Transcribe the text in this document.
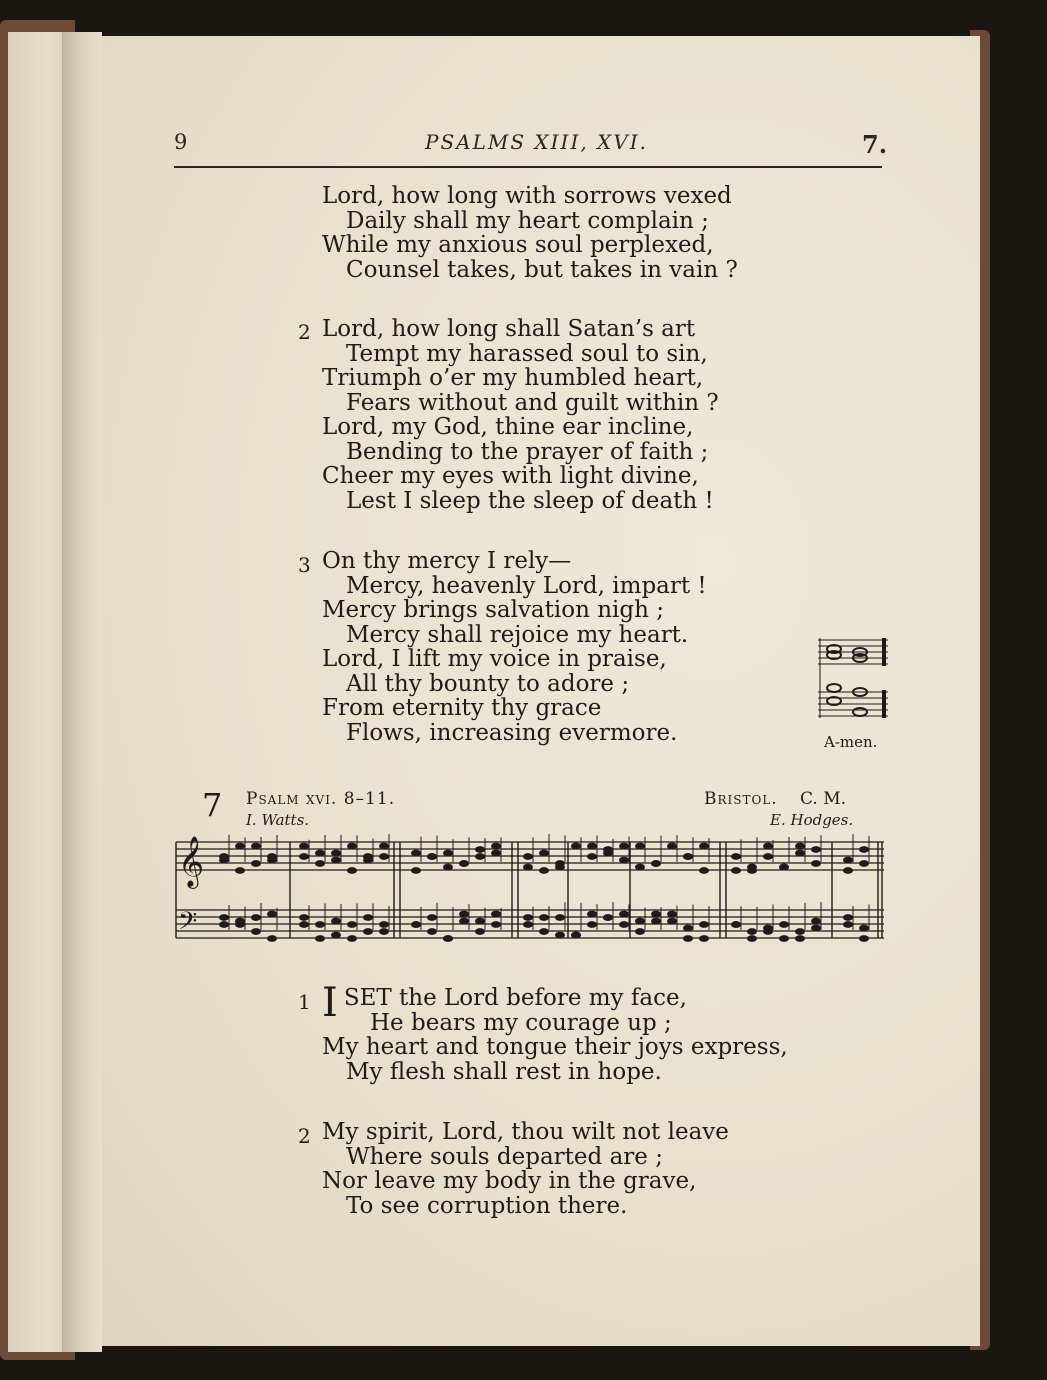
9	PSALMS XIII, XVI.	7.
Lord, how long with sorrows vexed
Daily shall my heart complain ;
While my anxious soul perplexed,
Counsel takes, but takes in vain ?
2 Lord, how long shall Satan’s art
Tempt my harassed soul to sin,
Triumph o’er my humbled heart,
Fears without and guilt within ?
Lord, my God, thine ear incline,
Bending to the prayer of faith ;
Cheer my eyes with light divine,
Lest I sleep the sleep of death !
3 On thy mercy I rely—
Mercy, heavenly Lord, impart !
Mercy brings salvation nigh ;
Mercy shall rejoice my heart.
Lord, I lift my voice in praise,
All thy bounty to adore ;
From eternity thy grace
Flows, increasing evermore.	A-men.
7 Psalm xvi. 8–11.	Bristol. C. M.
I. Watts.	E. Hodges.
𝄞
𝄢
1 I SET the Lord before my face,
He bears my courage up ;
My heart and tongue their joys express,
My flesh shall rest in hope.
2 My spirit, Lord, thou wilt not leave
Where souls departed are ;
Nor leave my body in the grave,
To see corruption there.
